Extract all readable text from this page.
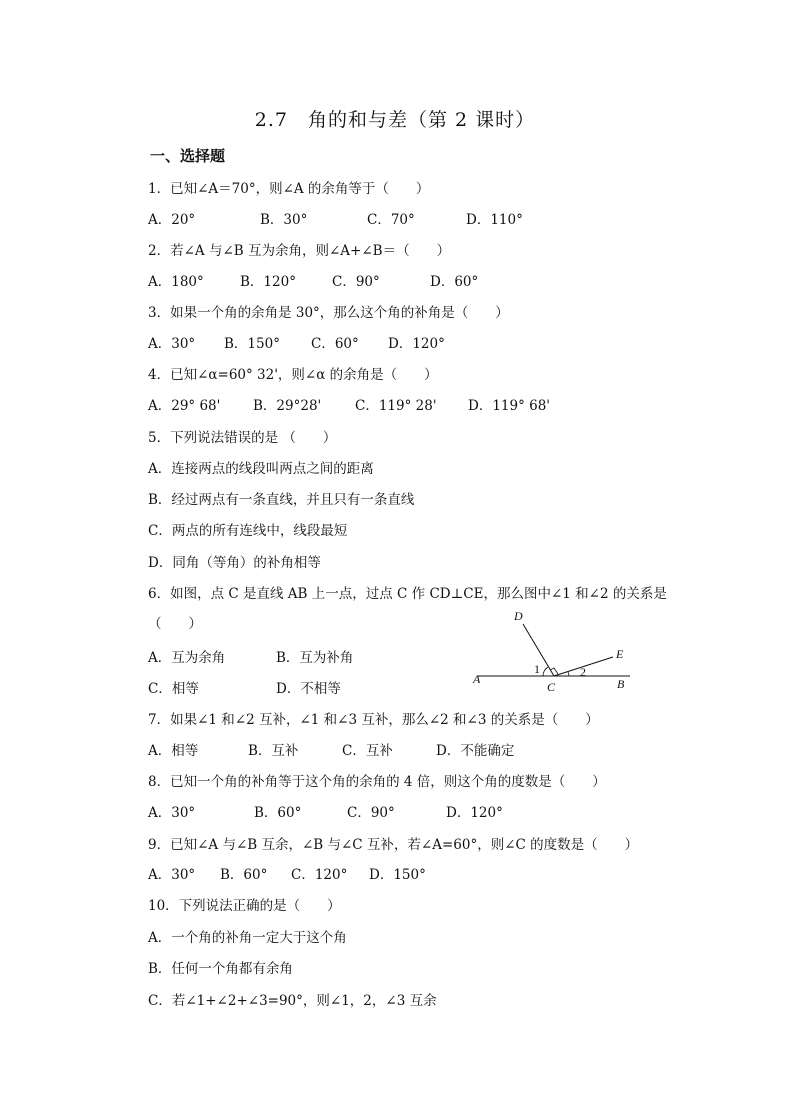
2.7　角的和与差（第 2 课时）
一、选择题
1．已知∠A＝70°，则∠A 的余角等于（　　）
A．20°	B．30°	C．70°	D．110°
2．若∠A 与∠B 互为余角，则∠A+∠B＝（　　）
A．180°	B．120°	C．90°	D．60°
3．如果一个角的余角是 30°，那么这个角的补角是（　　）
A．30° B．150° C．60° D．120°
4．已知∠α=60° 32'，则∠α 的余角是（　　）
A．29° 68' B．29°28'	C．119° 28' D．119° 68'
5．下列说法错误的是 （　　）
A．连接两点的线段叫两点之间的距离
B．经过两点有一条直线，并且只有一条直线
C．两点的所有连线中，线段最短
D．同角（等角）的补角相等
6．如图，点 C 是直线 AB 上一点，过点 C 作 CD⊥CE，那么图中∠1 和∠2 的关系是
（　　）
A．互为余角	B．互为补角
C．相等	D．不相等
D
E
A	B
C
1	2
7．如果∠1 和∠2 互补，∠1 和∠3 互补，那么∠2 和∠3 的关系是（　　）
A．相等	B．互补	C．互补	D．不能确定
8．已知一个角的补角等于这个角的余角的 4 倍，则这个角的度数是（　　）
A．30°	B．60°	C．90°	D．120°
9．已知∠A 与∠B 互余，∠B 与∠C 互补，若∠A=60°，则∠C 的度数是（　　）
A．30° B．60° C．120° D．150°
10．下列说法正确的是（　　）
A．一个角的补角一定大于这个角
B．任何一个角都有余角
C．若∠1+∠2+∠3=90°，则∠1，2，∠3 互余
